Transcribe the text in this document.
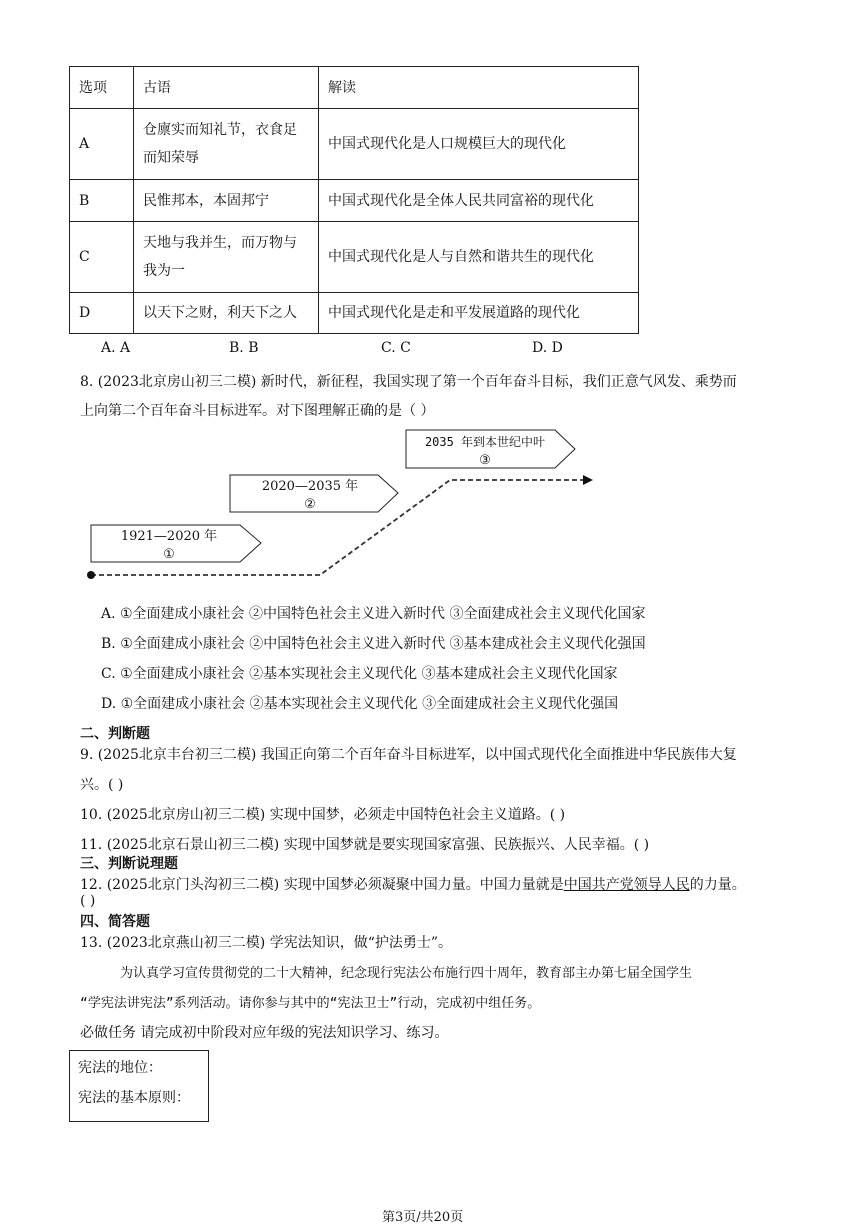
选项	古语	解读
A	仓廪实而知礼节，衣食足而知荣辱	中国式现代化是人口规模巨大的现代化
B	民惟邦本，本固邦宁	中国式现代化是全体人民共同富裕的现代化
C	天地与我并生，而万物与我为一	中国式现代化是人与自然和谐共生的现代化
D	以天下之财，利天下之人	中国式现代化是走和平发展道路的现代化
A. A	B. B	C. C	D. D
8. (2023北京房山初三二模) 新时代，新征程，我国实现了第一个百年奋斗目标，我们正意气风发、乘势而
上向第二个百年奋斗目标进军。对下图理解正确的是（ ）
1921—2020 年
①
2020—2035 年
②
2035 年到本世纪中叶
③
A. ①全面建成小康社会 ②中国特色社会主义进入新时代 ③全面建成社会主义现代化国家
B. ①全面建成小康社会 ②中国特色社会主义进入新时代 ③基本建成社会主义现代化强国
C. ①全面建成小康社会 ②基本实现社会主义现代化 ③基本建成社会主义现代化国家
D. ①全面建成小康社会 ②基本实现社会主义现代化 ③全面建成社会主义现代化强国
二、判断题
9. (2025北京丰台初三二模) 我国正向第二个百年奋斗目标进军，以中国式现代化全面推进中华民族伟大复
兴。( )
10. (2025北京房山初三二模) 实现中国梦，必须走中国特色社会主义道路。( )
11. (2025北京石景山初三二模) 实现中国梦就是要实现国家富强、民族振兴、人民幸福。( )
三、判断说理题
12. (2025北京门头沟初三二模) 实现中国梦必须凝聚中国力量。中国力量就是中国共产党领导人民的力量。
( )
四、简答题
13. (2023北京燕山初三二模) 学宪法知识，做“护法勇士”。
为认真学习宣传贯彻党的二十大精神，纪念现行宪法公布施行四十周年，教育部主办第七届全国学生
“学宪法讲宪法”系列活动。请你参与其中的“宪法卫士”行动，完成初中组任务。
必做任务 请完成初中阶段对应年级的宪法知识学习、练习。
宪法的地位：
宪法的基本原则：
第3页/共20页
